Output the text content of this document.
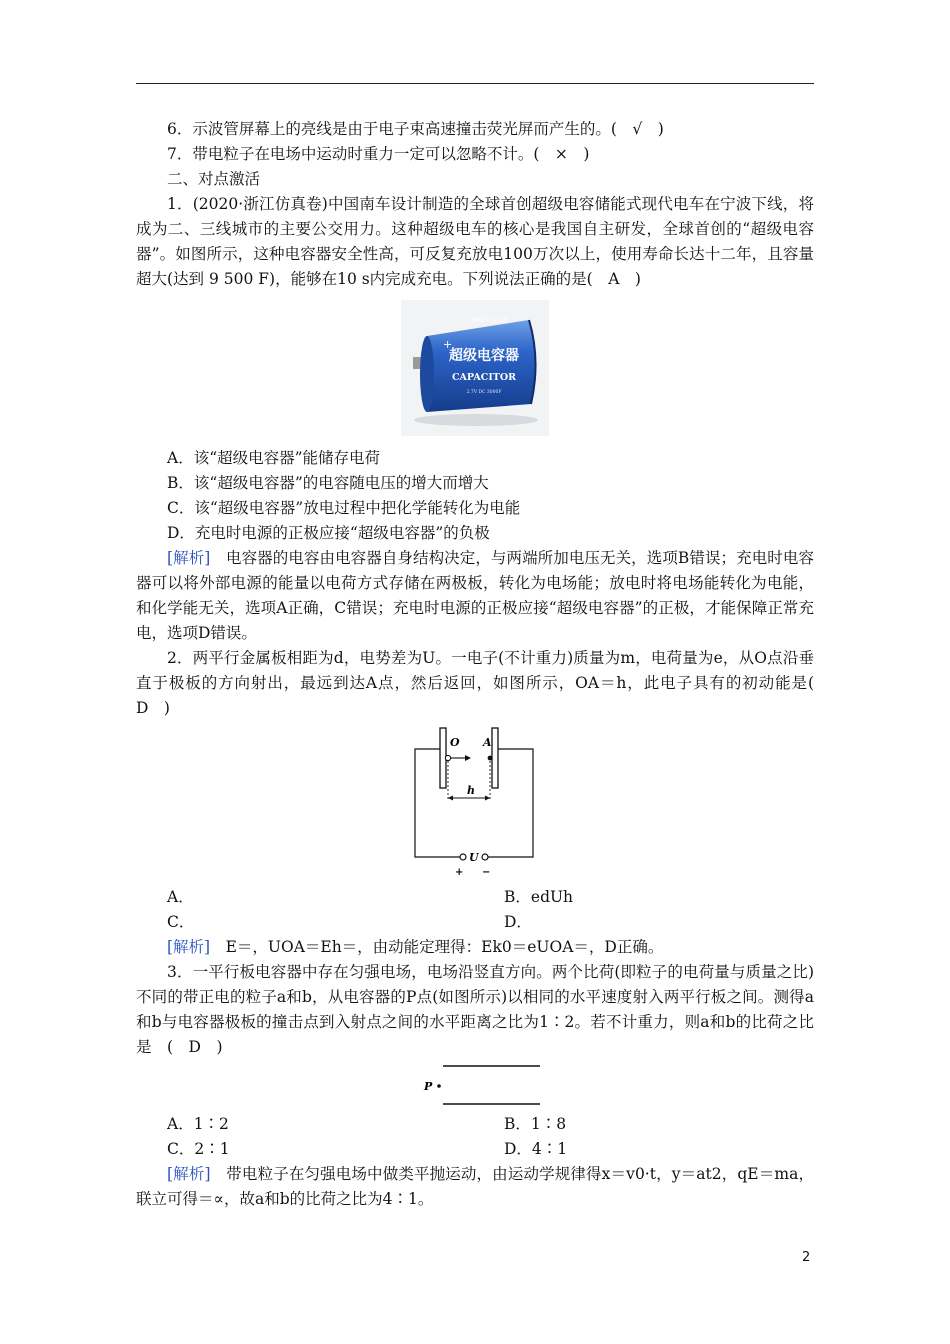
6．示波管屏幕上的亮线是由于电子束高速撞击荧光屏而产生的。(　√　)
7．带电粒子在电场中运动时重力一定可以忽略不计。(　×　)
二、对点激活
1．(2020·浙江仿真卷)中国南车设计制造的全球首创超级电容储能式现代电车在宁波下线，将成为二、三线城市的主要公交用力。这种超级电车的核心是我国自主研发，全球首创的“超级电容器”。如图所示，这种电容器安全性高，可反复充放电100万次以上，使用寿命长达十二年，且容量超大(达到 9 500 F)，能够在10 s内完成充电。下列说法正确的是(　A　)
SHOTOCAP
+
超级电容器
CAPACITOR
2.7V DC 3000F
A．该“超级电容器”能储存电荷
B．该“超级电容器”的电容随电压的增大而增大
C．该“超级电容器”放电过程中把化学能转化为电能
D．充电时电源的正极应接“超级电容器”的负极
[解析]　电容器的电容由电容器自身结构决定，与两端所加电压无关，选项B错误；充电时电容器可以将外部电源的能量以电荷方式存储在两极板，转化为电场能；放电时将电场能转化为电能，和化学能无关，选项A正确，C错误；充电时电源的正极应接“超级电容器”的正极，才能保障正常充电，选项D错误。
2．两平行金属板相距为d，电势差为U。一电子(不计重力)质量为m，电荷量为e，从O点沿垂直于极板的方向射出，最远到达A点，然后返回，如图所示，OA＝h，此电子具有的初动能是(　D　)
O A
h
U
+ −
A．	B．edUh
C．	D．
[解析]　E＝，UOA＝Eh＝，由动能定理得：Ek0＝eUOA＝，D正确。
3．一平行板电容器中存在匀强电场，电场沿竖直方向。两个比荷(即粒子的电荷量与质量之比)不同的带正电的粒子a和b，从电容器的P点(如图所示)以相同的水平速度射入两平行板之间。测得a和b与电容器极板的撞击点到入射点之间的水平距离之比为1∶2。若不计重力，则a和b的比荷之比是　(　D　)
P
A．1∶2	B．1∶8
C．2∶1	D．4∶1
[解析]　带电粒子在匀强电场中做类平抛运动，由运动学规律得x＝v0·t，y＝at2，qE＝ma，联立可得＝∝，故a和b的比荷之比为4∶1。
2
